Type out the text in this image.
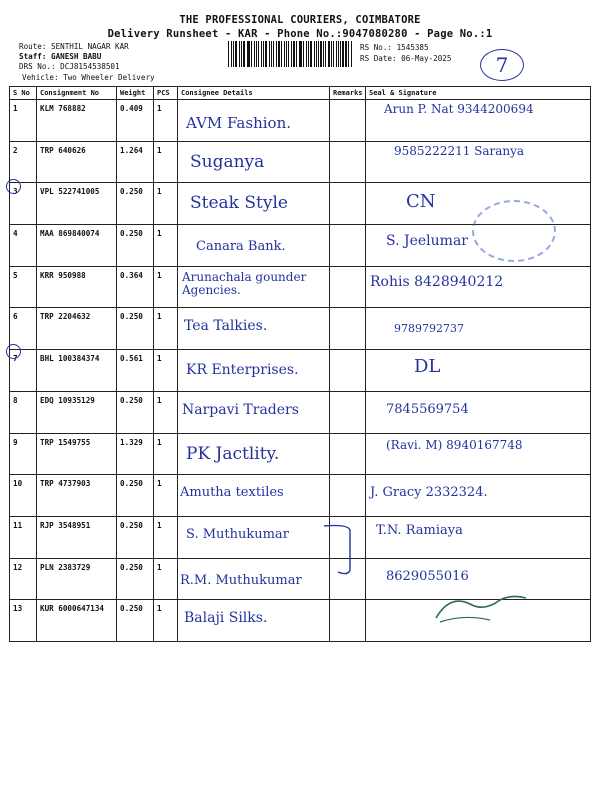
THE PROFESSIONAL COURIERS, COIMBATORE
Delivery Runsheet - KAR - Phone No.:9047080280 - Page No.:1
Route: SENTHIL NAGAR KAR
Staff: GANESH BABU
DRS No.: DCJ8154538501
Vehicle: Two Wheeler Delivery
RS No.: 1545385
RS Date: 06-May-2025	7
S No	Consignment No	Weight	PCS	Consignee Details	Remarks	Seal & Signature
1	KLM 768882	0.409	1	AVM Fashion.		Arun P. Nat 9344200694

2	TRP 640626	1.264	1	Suganya		9585222211 Saranya

3	VPL 522741005	0.250	1	Steak Style		CN

4	MAA 869840074	0.250	1	Canara Bank.		S. Jeelumar

5	KRR 950988	0.364	1	Arunachala gounder Agencies.		Rohis 8428940212

6	TRP 2204632	0.250	1	Tea Talkies.		9789792737

7	BHL 100384374	0.561	1	KR Enterprises.		DL

8	EDQ 10935129	0.250	1	Narpavi Traders		7845569754

9	TRP 1549755	1.329	1	PK Jactlity.		(Ravi. M) 8940167748

10	TRP 4737903	0.250	1	Amutha textiles		J. Gracy 2332324.

11	RJP 3548951	0.250	1	S. Muthukumar		T.N. Ramiaya

12	PLN 2383729	0.250	1	R.M. Muthukumar		8629055016

13	KUR 6000647134	0.250	1	Balaji Silks.		
